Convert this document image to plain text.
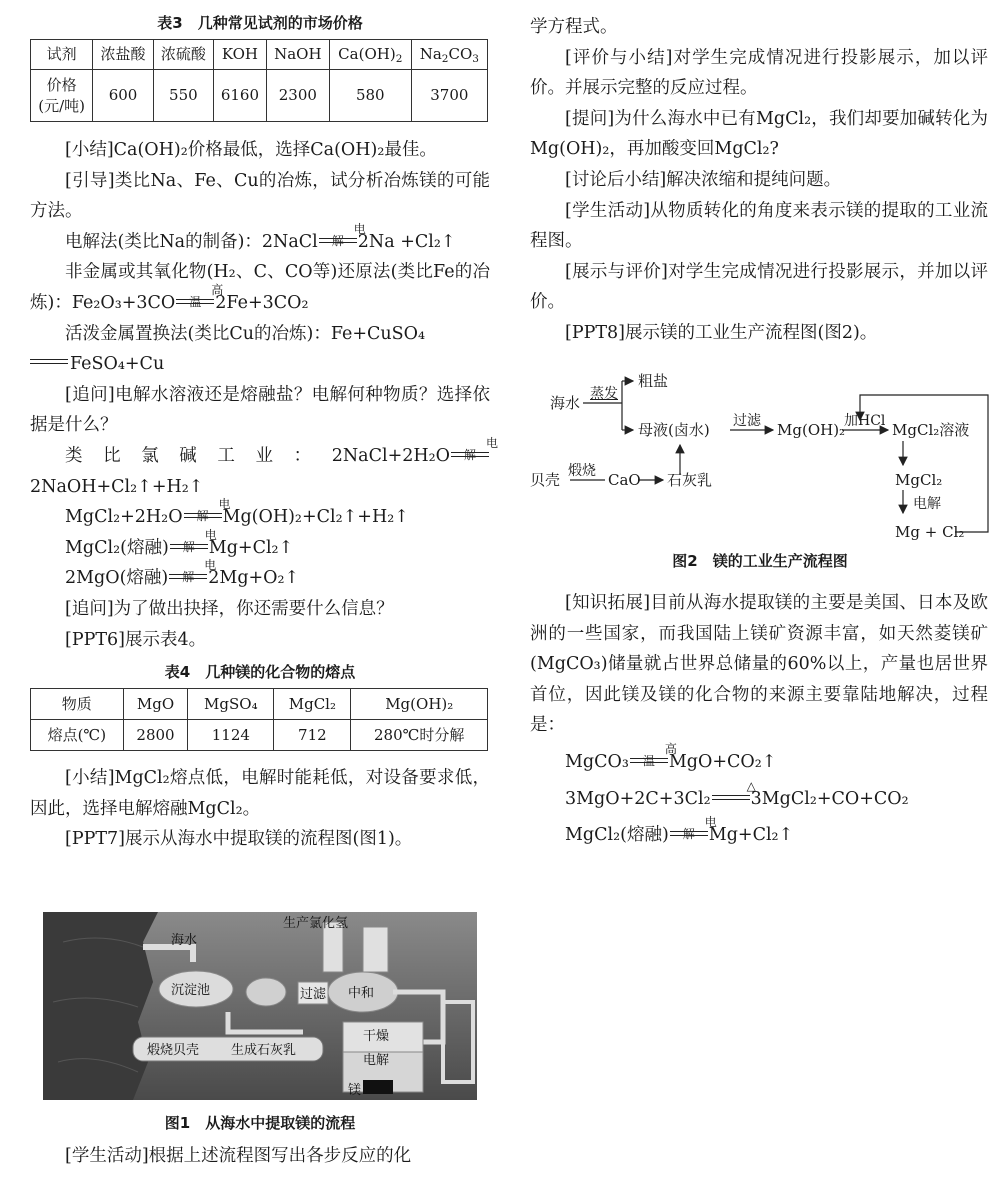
表3　几种常见试剂的市场价格
试剂	浓盐酸	浓硫酸	KOH	NaOH	$Ca(OH)_2$	$Na_2CO_3$
价格
(元/吨)	600	550	6160	2300	580	3700

[小结]Ca(OH)₂价格最低，选择Ca(OH)₂最佳。

[引导]类比Na、Fe、Cu的冶炼，试分析冶炼镁的可能方法。

电解法(类比Na的制备)：2NaCl
电解 2Na +Cl₂↑

非金属或其氧化物(H₂、C、CO等)还原法(类比Fe的冶炼)：Fe₂O₃+3CO
高温 2Fe+3CO₂

活泼金属置换法(类比Cu的冶炼)：Fe+CuSO₄
FeSO₄+Cu

[追问]电解水溶液还是熔融盐？电解何种物质？选择依据是什么？

类比氯碱工业：2NaCl+2H₂O
电解
2NaOH+Cl₂↑+H₂↑

MgCl₂+2H₂O
电解 Mg(OH)₂+Cl₂↑+H₂↑

MgCl₂(熔融)
电解 Mg+Cl₂↑

2MgO(熔融)
电解 2Mg+O₂↑

[追问]为了做出抉择，你还需要什么信息？

[PPT6]展示表4。

表4　几种镁的化合物的熔点
物质	MgO	MgSO₄	MgCl₂	Mg(OH)₂
熔点(℃)	2800	1124	712	280℃时分解

[小结]MgCl₂熔点低，电解时能耗低，对设备要求低，因此，选择电解熔融MgCl₂。

[PPT7]展示从海水中提取镁的流程图(图1)。

海水
生产氯化氢
沉淀池	过滤 中和
干燥
电解
煅烧贝壳 生成石灰乳
镁
图1　从海水中提取镁的流程

[学生活动]根据上述流程图写出各步反应的化

学方程式。

[评价与小结]对学生完成情况进行投影展示，加以评价。并展示完整的反应过程。

[提问]为什么海水中已有MgCl₂，我们却要加碱转化为Mg(OH)₂，再加酸变回MgCl₂?

[讨论后小结]解决浓缩和提纯问题。

[学生活动]从物质转化的角度来表示镁的提取的工业流程图。

[展示与评价]对学生完成情况进行投影展示，并加以评价。

[PPT8]展示镁的工业生产流程图(图2)。

海水 蒸发
粗盐
母液(卤水) 过滤 Mg(OH)₂
加HCl MgCl₂溶液
贝壳 煅烧 CaO 石灰乳	MgCl₂
电解
Mg + Cl₂
图2　镁的工业生产流程图

[知识拓展]目前从海水提取镁的主要是美国、日本及欧洲的一些国家，而我国陆上镁矿资源丰富，如天然菱镁矿(MgCO₃)储量就占世界总储量的60%以上，产量也居世界首位，因此镁及镁的化合物的来源主要靠陆地解决，过程是：

MgCO₃
高温 MgO+CO₂↑

3MgO+2C+3Cl₂
△
3MgCl₂+CO+CO₂

MgCl₂(熔融)
电解 Mg+Cl₂↑
